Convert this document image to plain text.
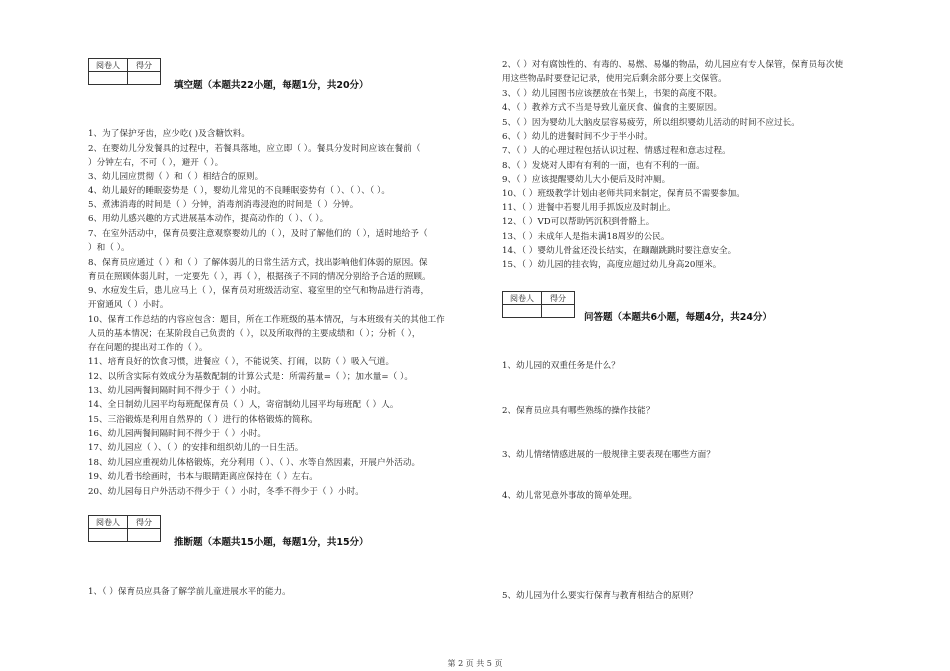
阅卷人	得分

填空题（本题共22小题，每题1分，共20分）
1、为了保护牙齿，应少吃( )及含糖饮料。
2、在婴幼儿分发餐具的过程中，若餐具落地，应立即（ ）。餐具分发时间应该在餐前（
）分钟左右，不可（ ），避开（ ）。
3、幼儿园应贯彻（ ）和（ ）相结合的原则。
4、幼儿最好的睡眠姿势是（ ），婴幼儿常见的不良睡眠姿势有（ ）、（ ）、（ ）。
5、煮沸消毒的时间是（ ）分钟，消毒剂消毒浸泡的时间是（ ）分钟。
6、用幼儿感兴趣的方式进展基本动作，提高动作的（ ）、（ ）。
7、在室外活动中，保育员要注意观察婴幼儿的（ ），及时了解他们的（ ），适时地给予（
）和（ ）。
8、保育员应通过（ ）和（ ）了解体弱儿的日常生活方式，找出影响他们体弱的原因。保
育员在照顾体弱儿时，一定要先（ ），再（ ），根据孩子不同的情况分别给予合适的照顾。
9、水痘发生后，患儿应马上（ ），保育员对班级活动室、寝室里的空气和物品进行消毒，
开窗通风（ ）小时。
10、保育工作总结的内容应包含：题目，所在工作班级的基本情况，与本班级有关的其他工作
人员的基本情况；在某阶段自己负责的（ ），以及所取得的主要成绩和（ ）；分析（ ），
存在问题的提出对工作的（ ）。
11、培育良好的饮食习惯，进餐应（ ），不能说笑、打闹，以防（ ）吸入气道。
12、以所含实际有效成分为基数配制的计算公式是：所需药量=（ ）；加水量=（ ）。
13、幼儿园两餐间隔时间不得少于（ ）小时。
14、全日制幼儿园平均每班配保育员（ ）人，寄宿制幼儿园平均每班配（ ）人。
15、三浴锻炼是利用自然界的（ ）进行的体格锻炼的简称。
16、幼儿园两餐间隔时间不得少于（ ）小时。
17、幼儿园应（ ）、（ ）的安排和组织幼儿的一日生活。
18、幼儿园应重视幼儿体格锻炼，充分利用（ ）、（ ）、水等自然因素，开展户外活动。
19、幼儿看书绘画时，书本与眼睛距离应保持在（ ）左右。
20、幼儿园每日户外活动不得少于（ ）小时，冬季不得少于（ ）小时。
阅卷人	得分

推断题（本题共15小题，每题1分，共15分）
1、（ ）保育员应具备了解学前儿童进展水平的能力。
2、（ ）对有腐蚀性的、有毒的、易燃、易爆的物品，幼儿园应有专人保管，保育员每次使
用这些物品时要登记记录，使用完后剩余部分要上交保管。
3、（ ）幼儿园图书应该摆放在书架上，书架的高度不限。
4、（ ）教养方式不当是导致儿童厌食、偏食的主要原因。
5、（ ）因为婴幼儿大脑皮层容易疲劳，所以组织婴幼儿活动的时间不应过长。
6、（ ）幼儿的进餐时间不少于半小时。
7、（ ）人的心理过程包括认识过程、情感过程和意志过程。
8、（ ）发烧对人即有有利的一面，也有不利的一面。
9、（ ）应该提醒婴幼儿大小便后及时冲厕。
10、（ ）班级教学计划由老师共同来制定，保育员不需要参加。
11、（ ）进餐中若婴儿用手抓饭应及时制止。
12、（ ）VD可以帮助钙沉积到骨骼上。
13、（ ）未成年人是指未满18周岁的公民。
14、（ ）婴幼儿骨盆还没长结实，在蹦蹦跳跳时要注意安全。
15、（ ）幼儿园的挂衣钩，高度应超过幼儿身高20厘米。
阅卷人	得分

问答题（本题共6小题，每题4分，共24分）
1、幼儿园的双重任务是什么？
2、保育员应具有哪些熟练的操作技能？
3、幼儿情绪情感进展的一般规律主要表现在哪些方面？
4、幼儿常见意外事故的简单处理。
5、幼儿园为什么要实行保育与教育相结合的原则？
第 2 页 共 5 页
